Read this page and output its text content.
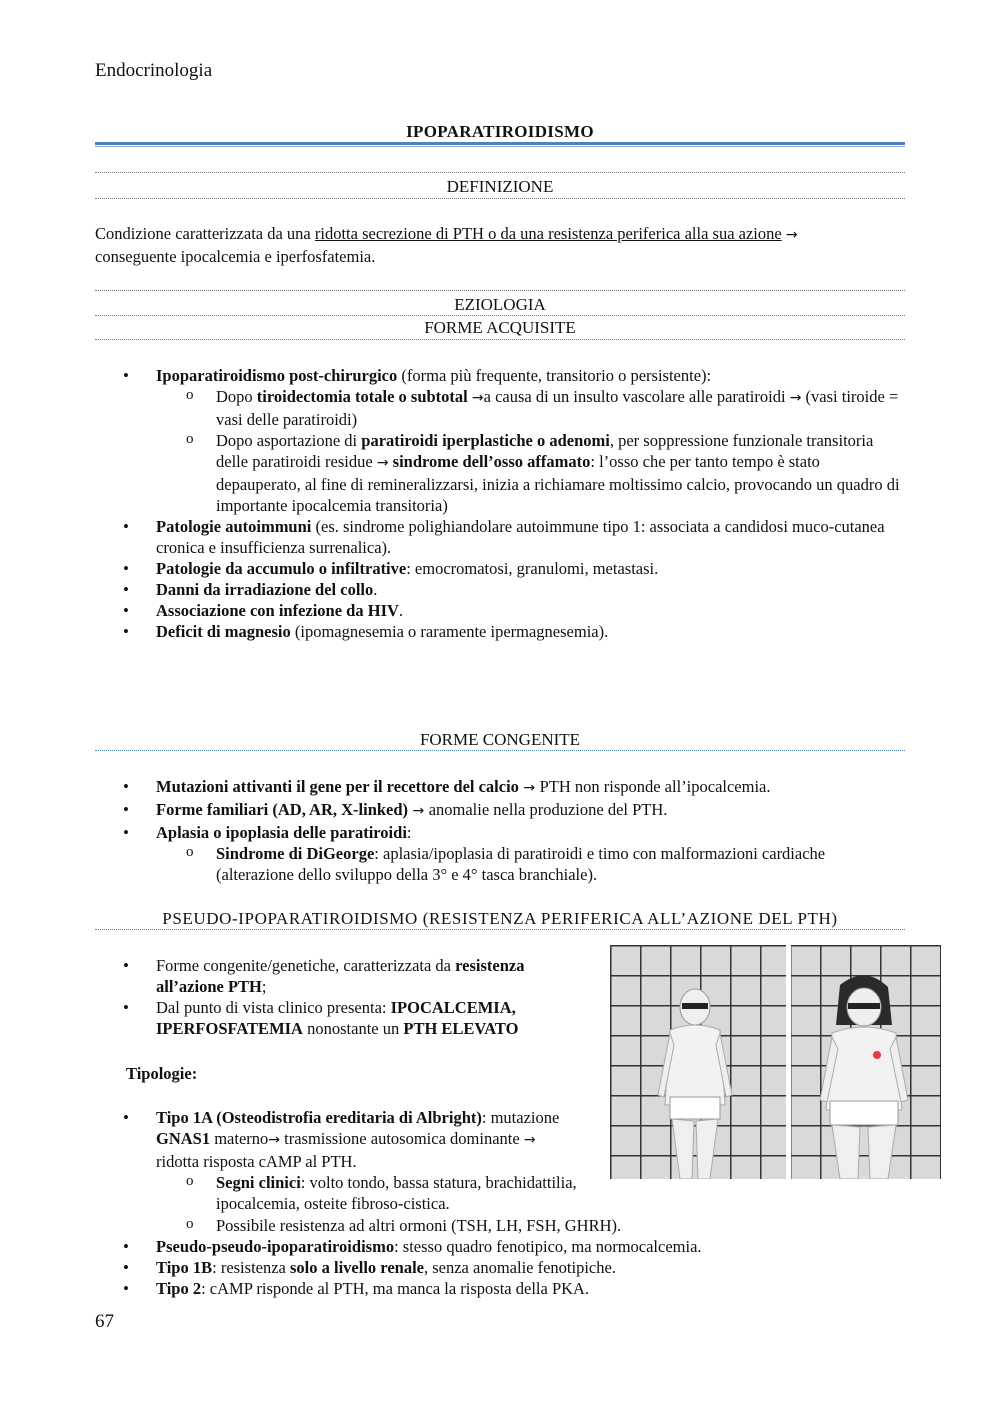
Endocrinologia
IPOPARATIROIDISMO
DEFINIZIONE
Condizione caratterizzata da una ridotta secrezione di PTH o da una resistenza periferica alla sua azione →
conseguente ipocalcemia e iperfosfatemia.
EZIOLOGIA
FORME ACQUISITE
• Ipoparatiroidismo post-chirurgico (forma più frequente, transitorio o persistente):
o Dopo tiroidectomia totale o subtotal →a causa di un insulto vascolare alle paratiroidi → (vasi tiroide = vasi delle paratiroidi)
o Dopo asportazione di paratiroidi iperplastiche o adenomi, per soppressione funzionale transitoria delle paratiroidi residue → sindrome dell’osso affamato: l’osso che per tanto tempo è stato depauperato, al fine di remineralizzarsi, inizia a richiamare moltissimo calcio, provocando un quadro di importante ipocalcemia transitoria)
• Patologie autoimmuni (es. sindrome polighiandolare autoimmune tipo 1: associata a candidosi muco-cutanea cronica e insufficienza surrenalica).
• Patologie da accumulo o infiltrative: emocromatosi, granulomi, metastasi.
• Danni da irradiazione del collo.
• Associazione con infezione da HIV.
• Deficit di magnesio (ipomagnesemia o raramente ipermagnesemia).
FORME CONGENITE
• Mutazioni attivanti il gene per il recettore del calcio → PTH non risponde all’ipocalcemia.
• Forme familiari (AD, AR, X-linked) → anomalie nella produzione del PTH.
• Aplasia o ipoplasia delle paratiroidi:
o Sindrome di DiGeorge: aplasia/ipoplasia di paratiroidi e timo con malformazioni cardiache (alterazione dello sviluppo della 3° e 4° tasca branchiale).
PSEUDO-IPOPARATIROIDISMO (RESISTENZA PERIFERICA ALL’AZIONE DEL PTH)
• Forme congenite/genetiche, caratterizzata da resistenza all’azione PTH;
• Dal punto di vista clinico presenta: IPOCALCEMIA, IPERFOSFATEMIA nonostante un PTH ELEVATO
Tipologie:
• Tipo 1A (Osteodistrofia ereditaria di Albright): mutazione GNAS1 materno→ trasmissione autosomica dominante → ridotta risposta cAMP al PTH.
o Segni clinici: volto tondo, bassa statura, brachidattilia, ipocalcemia, osteite fibroso-cistica.
o Possibile resistenza ad altri ormoni (TSH, LH, FSH, GHRH).
• Pseudo-pseudo-ipoparatiroidismo: stesso quadro fenotipico, ma normocalcemia.
• Tipo 1B: resistenza solo a livello renale, senza anomalie fenotipiche.
• Tipo 2: cAMP risponde al PTH, ma manca la risposta della PKA.
67
